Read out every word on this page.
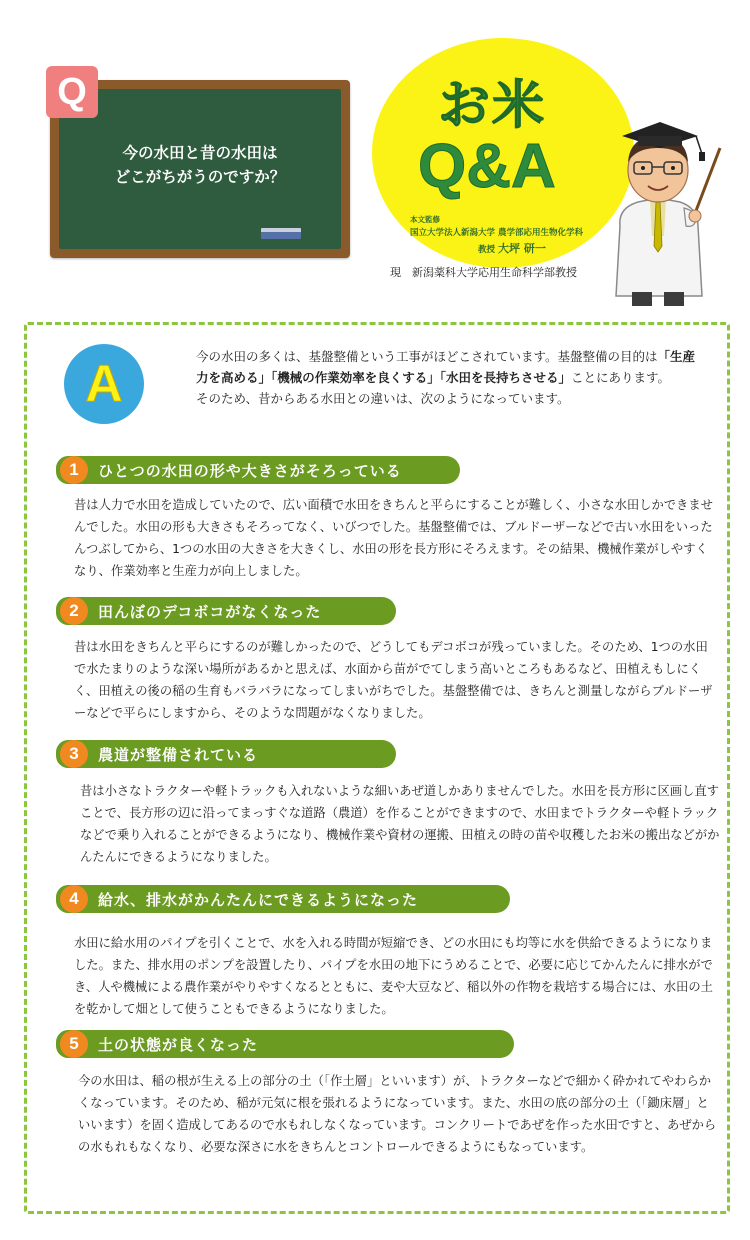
今の水田と昔の水田は
どこがちがうのですか？
Q	お米
Q&A
本文監修
国立大学法人新潟大学 農学部応用生物化学科
教授 大坪 研一
現　新潟薬科大学応用生命科学部教授
A	今の水田の多くは、基盤整備という工事がほどこされています。基盤整備の目的は「生産力を高める」「機械の作業効率を良くする」「水田を長持ちさせる」ことにあります。
そのため、昔からある水田との違いは、次のようになっています。
1	ひとつの水田の形や大きさがそろっている
昔は人力で水田を造成していたので、広い面積で水田をきちんと平らにすることが難しく、小さな水田しかできませんでした。水田の形も大きさもそろってなく、いびつでした。基盤整備では、ブルドーザーなどで古い水田をいったんつぶしてから、1つの水田の大きさを大きくし、水田の形を長方形にそろえます。その結果、機械作業がしやすくなり、作業効率と生産力が向上しました。
2	田んぼのデコボコがなくなった
昔は水田をきちんと平らにするのが難しかったので、どうしてもデコボコが残っていました。そのため、1つの水田で水たまりのような深い場所があるかと思えば、水面から苗がでてしまう高いところもあるなど、田植えもしにくく、田植えの後の稲の生育もバラバラになってしまいがちでした。基盤整備では、きちんと測量しながらブルドーザーなどで平らにしますから、そのような問題がなくなりました。
3	農道が整備されている
昔は小さなトラクターや軽トラックも入れないような細いあぜ道しかありませんでした。水田を長方形に区画し直すことで、長方形の辺に沿ってまっすぐな道路（農道）を作ることができますので、水田までトラクターや軽トラックなどで乗り入れることができるようになり、機械作業や資材の運搬、田植えの時の苗や収穫したお米の搬出などがかんたんにできるようになりました。
4	給水、排水がかんたんにできるようになった
水田に給水用のパイプを引くことで、水を入れる時間が短縮でき、どの水田にも均等に水を供給できるようになりました。また、排水用のポンプを設置したり、パイプを水田の地下にうめることで、必要に応じてかんたんに排水ができ、人や機械による農作業がやりやすくなるとともに、麦や大豆など、稲以外の作物を栽培する場合には、水田の土を乾かして畑として使うこともできるようになりました。
5	土の状態が良くなった
今の水田は、稲の根が生える上の部分の土（「作土層」といいます）が、トラクターなどで細かく砕かれてやわらかくなっています。そのため、稲が元気に根を張れるようになっています。また、水田の底の部分の土（「鋤床層」といいます）を固く造成してあるので水もれしなくなっています。コンクリートであぜを作った水田ですと、あぜからの水もれもなくなり、必要な深さに水をきちんとコントロールできるようにもなっています。
